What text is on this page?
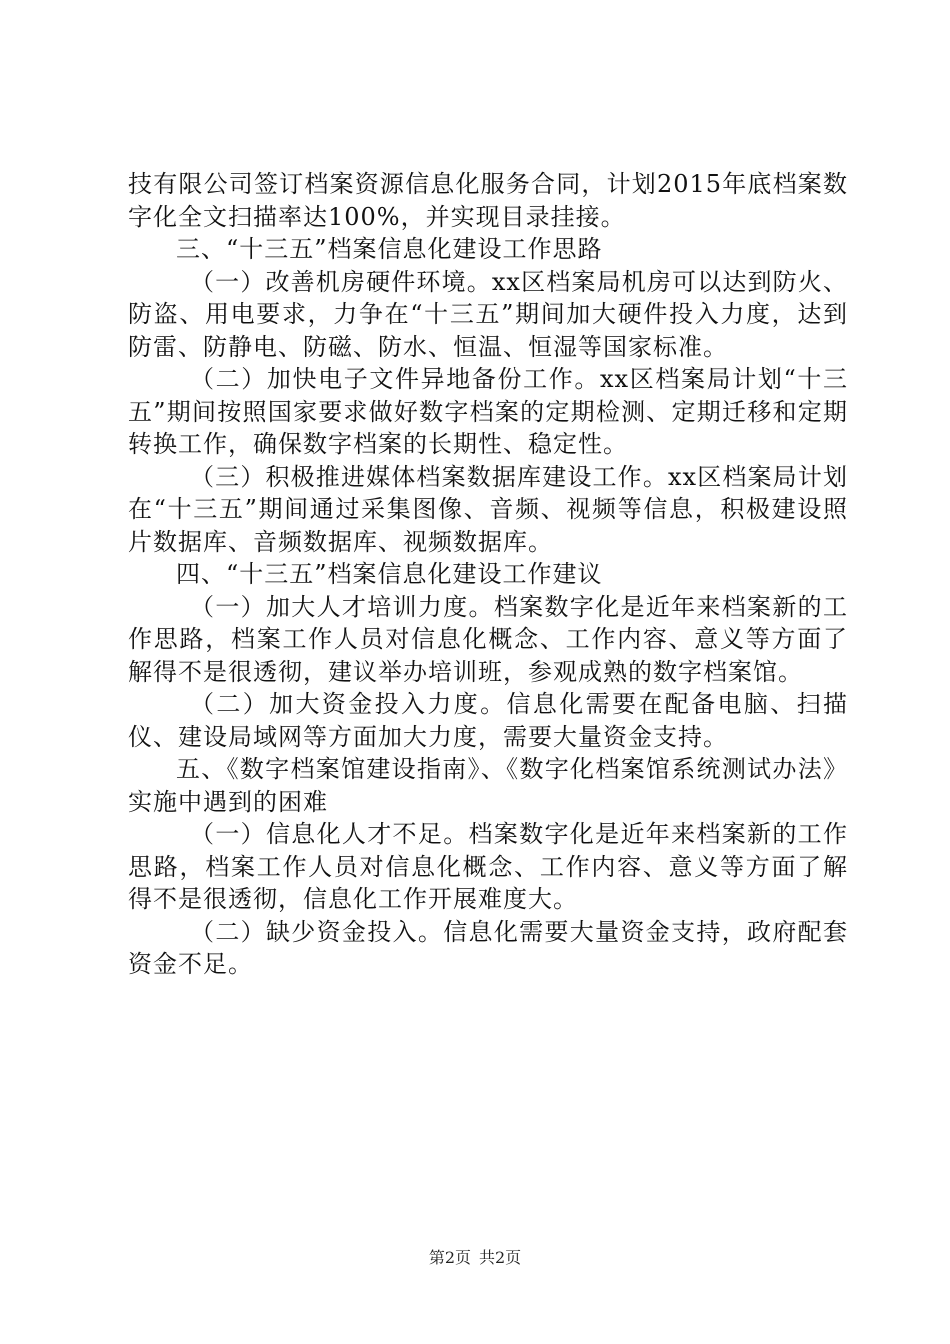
技有限公司签订档案资源信息化服务合同，计划2015年底档案数字化全文扫描率达100%，并实现目录挂接。

三、“十三五”档案信息化建设工作思路

（一）改善机房硬件环境。xx区档案局机房可以达到防火、防盗、用电要求，力争在“十三五”期间加大硬件投入力度，达到防雷、防静电、防磁、防水、恒温、恒湿等国家标准。

（二）加快电子文件异地备份工作。xx区档案局计划“十三五”期间按照国家要求做好数字档案的定期检测、定期迁移和定期转换工作，确保数字档案的长期性、稳定性。

（三）积极推进媒体档案数据库建设工作。xx区档案局计划在“十三五”期间通过采集图像、音频、视频等信息，积极建设照片数据库、音频数据库、视频数据库。

四、“十三五”档案信息化建设工作建议

（一）加大人才培训力度。档案数字化是近年来档案新的工作思路，档案工作人员对信息化概念、工作内容、意义等方面了解得不是很透彻，建议举办培训班，参观成熟的数字档案馆。

（二）加大资金投入力度。信息化需要在配备电脑、扫描仪、建设局域网等方面加大力度，需要大量资金支持。

五、《数字档案馆建设指南》、《数字化档案馆系统测试办法》实施中遇到的困难

（一）信息化人才不足。档案数字化是近年来档案新的工作思路，档案工作人员对信息化概念、工作内容、意义等方面了解得不是很透彻，信息化工作开展难度大。

（二）缺少资金投入。信息化需要大量资金支持，政府配套资金不足。

第2页 共2页
